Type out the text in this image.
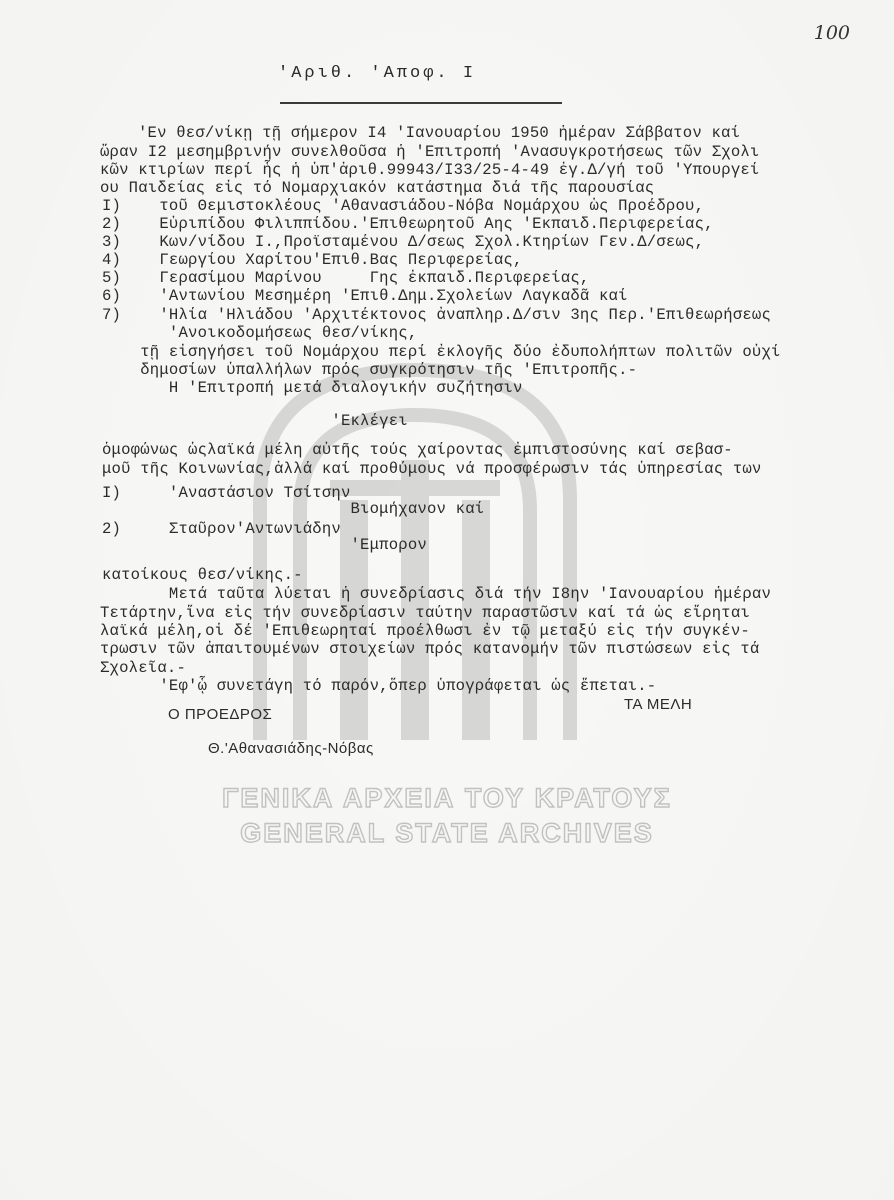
ΓΕΝΙΚΑ ΑΡΧΕΙΑ ΤΟΥ ΚΡΑΤΟΥΣ
GENERAL STATE ARCHIVES
100
'Αριθ. 'Αποφ. Ι
'Εν θεσ/νίκῃ τῇ σήμερον Ι4 'Ιανουαρίου 1950 ἡμέραν Σάββατον καί
ὥραν Ι2 μεσημβρινήν συνελθοῦσα ἡ 'Επιτροπή 'Ανασυγκροτήσεως τῶν Σχολι
κῶν κτιρίων περί ἧς ἡ ὑπ'ἀριθ.99943/Ι33/25-4-49 ἐγ.Δ/γή τοῦ 'Υπουργεί
ου Παιδείας εἰς τό Νομαρχιακόν κατάστημα διά τῆς παρουσίας
Ι)    τοῦ Θεμιστοκλέους 'Αθανασιάδου-Νόβα Νομάρχου ὡς Προέδρου,
2)    Εὐριπίδου Φιλιππίδου.'Επιθεωρητοῦ Αης 'Εκπαιδ.Περιφερείας,
3)    Κων/νίδου Ι.,Προϊσταμένου Δ/σεως Σχολ.Κτηρίων Γεν.Δ/σεως,
4)    Γεωργίου Χαρίτου'Επιθ.Βας Περιφερείας,
5)    Γερασίμου Μαρίνου     Γης ἐκπαιδ.Περιφερείας,
6)    'Αντωνίου Μεσημέρη 'Επιθ.Δημ.Σχολείων Λαγκαδᾶ καί
7)    'Ηλία 'Ηλιάδου 'Αρχιτέκτονος ἀναπληρ.Δ/σιν 3ης Περ.'Επιθεωρήσεως
'Ανοικοδομήσεως θεσ/νίκης,
τῇ εἰσηγήσει τοῦ Νομάρχου περί ἐκλογῆς δύο ἐδυπολήπτων πολιτῶν οὐχί
δημοσίων ὑπαλλήλων πρός συγκρότησιν τῆς 'Επιτροπῆς.-
Η 'Επιτροπή μετά διαλογικήν συζήτησιν
'Εκλέγει
ὁμοφώνως ὡςλαϊκά μέλη αὐτῆς τούς χαίροντας ἐμπιστοσύνης καί σεβασ-
μοῦ τῆς Κοινωνίας,ἀλλά καί προθύμους νά προσφέρωσιν τάς ὑπηρεσίας των
Ι)     'Αναστάσιον Τσίτσην
Βιομήχανον καί
2)     Σταῦρον'Αντωνιάδην
'Εμπορον
κατοίκους θεσ/νίκης.-
Μετά ταῦτα λύεται ἡ συνεδρίασις διά τήν Ι8ην 'Ιανουαρίου ἡμέραν
Τετάρτην,ἵνα εἰς τήν συνεδρίασιν ταύτην παραστῶσιν καί τά ὡς εἴρηται
λαϊκά μέλη,οἱ δέ 'Επιθεωρηταί προέλθωσι ἐν τῷ μεταξύ εἰς τήν συγκέν-
τρωσιν τῶν ἀπαιτουμένων στοιχείων πρός κατανομήν τῶν πιστώσεων εἰς τά
Σχολεῖα.-
'Εφ'ᾧ συνετάγη τό παρόν,ὅπερ ὑπογράφεται ὡς ἕπεται.-
Ο ΠΡΟΕΔΡΟΣ
ΤΑ ΜΕΛΗ
Θ.'Αθανασιάδης-Νόβας
